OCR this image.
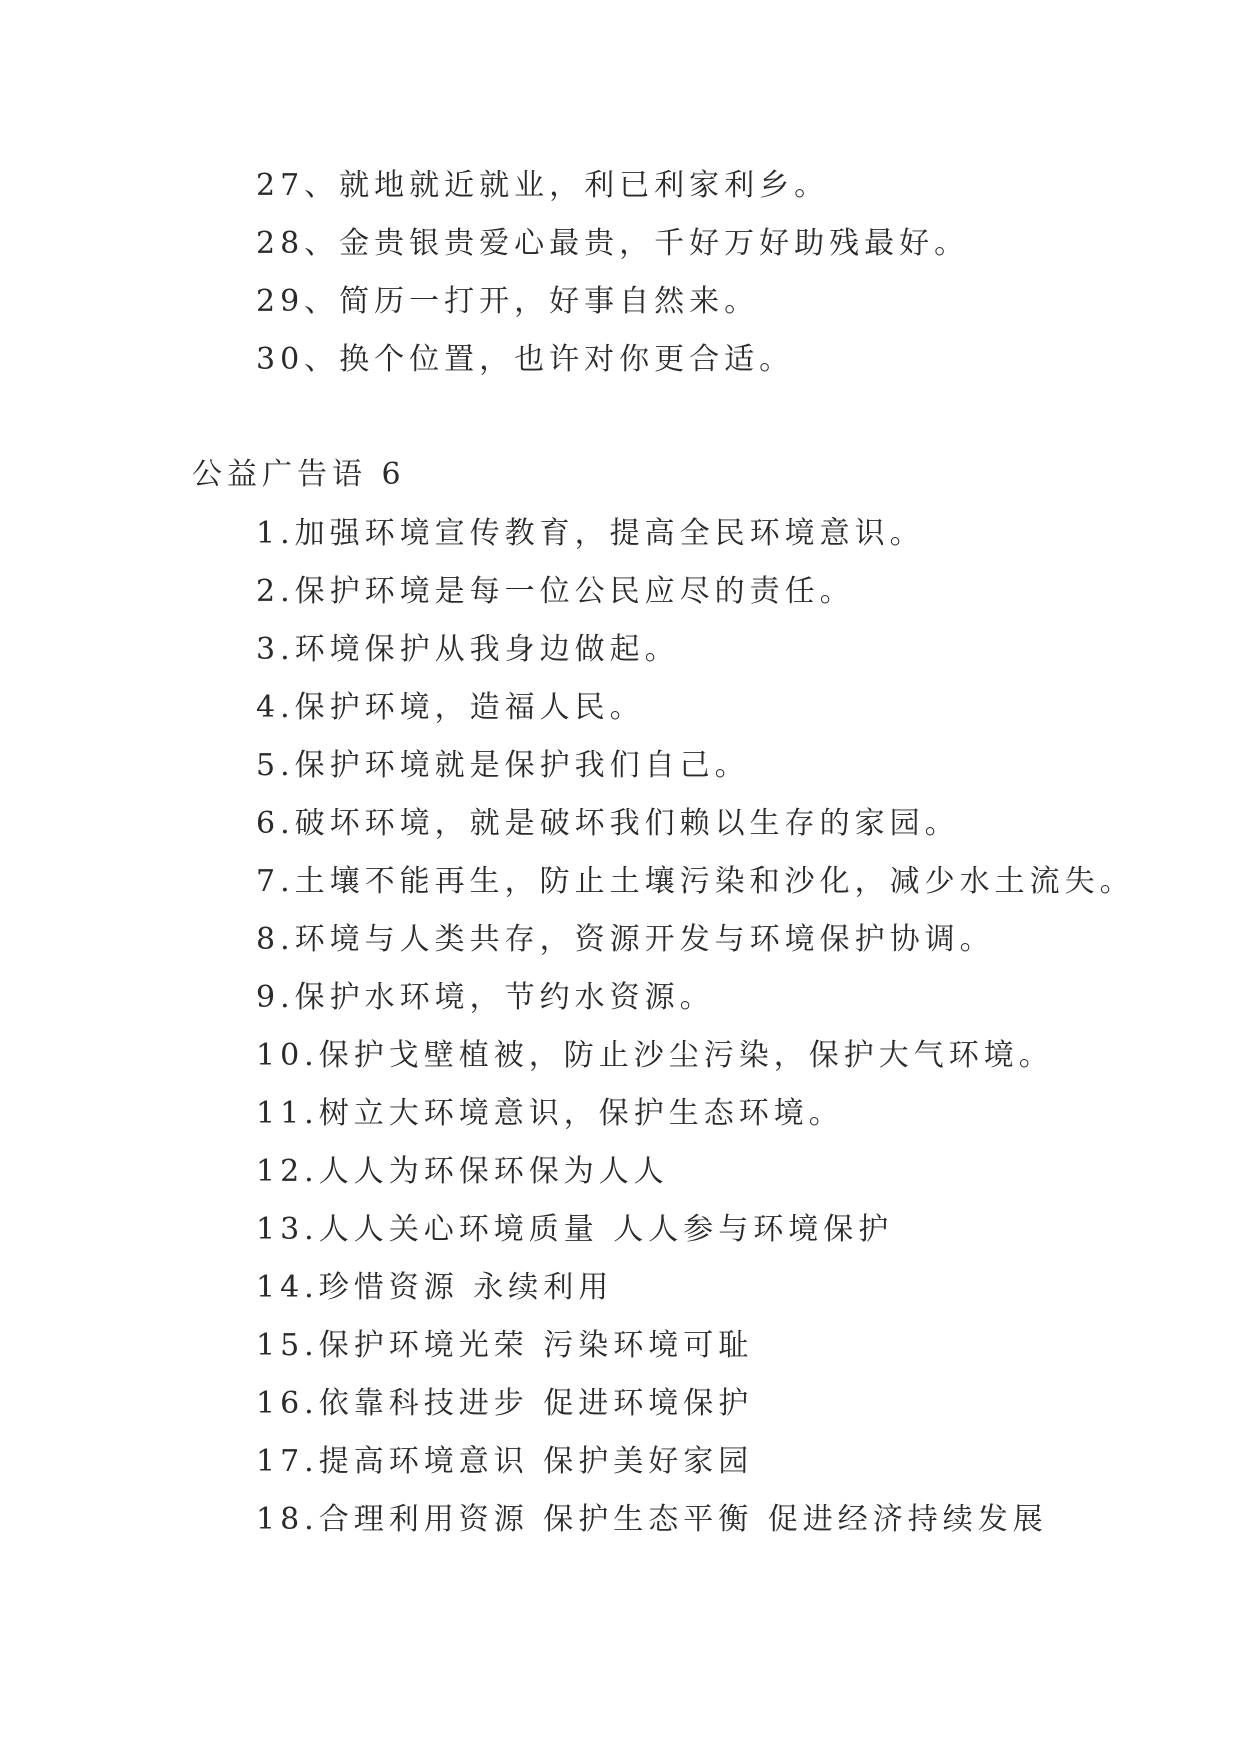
27、就地就近就业，利已利家利乡。
28、金贵银贵爱心最贵，千好万好助残最好。
29、简历一打开，好事自然来。
30、换个位置，也许对你更合适。
公益广告语 6
1.加强环境宣传教育，提高全民环境意识。
2.保护环境是每一位公民应尽的责任。
3.环境保护从我身边做起。
4.保护环境，造福人民。
5.保护环境就是保护我们自己。
6.破坏环境，就是破坏我们赖以生存的家园。
7.土壤不能再生，防止土壤污染和沙化，减少水土流失。
8.环境与人类共存，资源开发与环境保护协调。
9.保护水环境，节约水资源。
10.保护戈壁植被，防止沙尘污染，保护大气环境。
11.树立大环境意识，保护生态环境。
12.人人为环保环保为人人
13.人人关心环境质量 人人参与环境保护
14.珍惜资源 永续利用
15.保护环境光荣 污染环境可耻
16.依靠科技进步 促进环境保护
17.提高环境意识 保护美好家园
18.合理利用资源 保护生态平衡 促进经济持续发展
